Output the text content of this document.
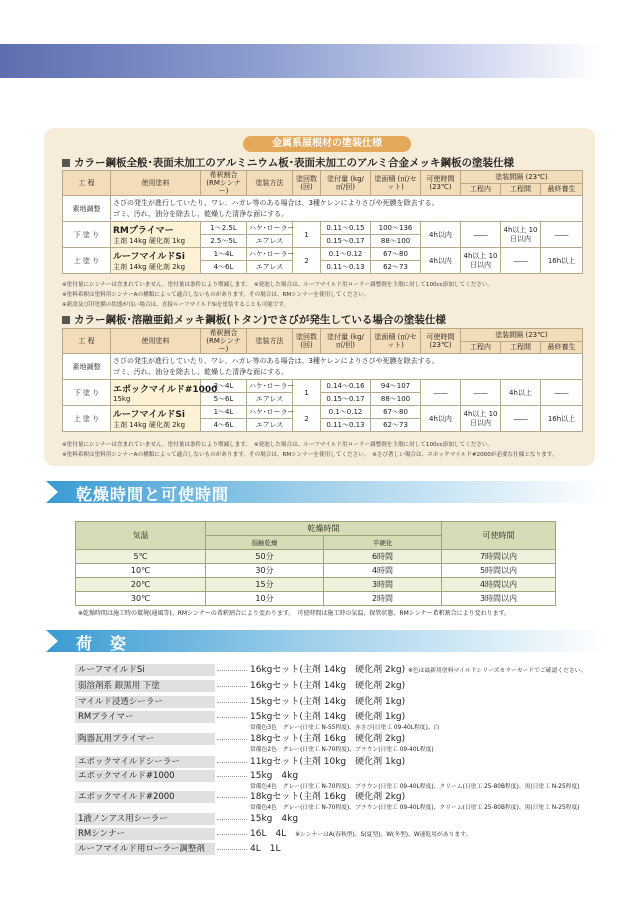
金属系屋根材の塗装仕様
カラー鋼板全般･表面未加工のアルミニウム板･表面未加工のアルミ合金メッキ鋼板の塗装仕様
工 程	使用塗料	希釈割合 (RMシンナー)	塗装方法	塗回数 (回)	塗付量 (kg/㎡/回)	塗面積 (㎡/セット)	可使時間 (23℃)	塗装間隔 (23℃)		
								工程内	工程間	最終養生
素地調整	さびの発生が進行していたり、ワレ、ハガレ等のある場合は、3種ケレンによりさびや死膜を除去する。
ゴミ、汚れ、油分を除去し、乾燥した清浄な面にする。									
下 塗 り	RMプライマー
主剤 14kg 硬化剤 1kg	1～2.5L	ハケ･ローラー	1	0.11～0.15	100～136	4h以内	――	4h以上 10日以内	――
		2.5～5L	エアレス		0.15～0.17	88～100				
上 塗 り	ルーフマイルドSi
主剤 14kg 硬化剤 2kg	1～4L	ハケ･ローラー	2	0.1～0.12	67～80	4h以内	4h以上 10日以内	――	16h以上
		4～6L	エアレス		0.11～0.13	62～73				
※塗付量にシンナーは含まれていません。塗付量は条件により増減します。　※発泡した場合は、ルーフマイルド用ローラー調整剤を主剤に対して100cc添加してください。
※塗料希釈は塗料用シンナーAの種類によって適合しないものがあります。その場合は、RMシンナーを使用してください。
※新設及び旧塗膜の状態が良い場合は、直接ルーフマイルドSiを塗装することも可能です。
カラー鋼板･溶融亜鉛メッキ鋼板(トタン)でさびが発生している場合の塗装仕様
工 程	使用塗料	希釈割合 (RMシンナー)	塗装方法	塗回数 (回)	塗付量 (kg/㎡/回)	塗面積 (㎡/セット)	可使時間 (23℃)	塗装間隔 (23℃)		
								工程内	工程間	最終養生
素地調整	さびの発生が進行していたり、ワレ、ハガレ等のある場合は、3種ケレンによりさびや死膜を除去する。
ゴミ、汚れ、油分を除去し、乾燥した清浄な面にする。									
下 塗 り	エポックマイルド#1000
15kg	3～4L	ハケ･ローラー	1	0.14～0.16	94～107	――	――	4h以上	――
		5～6L	エアレス		0.15～0.17	88～100				
上 塗 り	ルーフマイルドSi
主剤 14kg 硬化剤 2kg	1～4L	ハケ･ローラー	2	0.1～0.12	67～80	4h以内	4h以上 10日以内	――	16h以上
		4～6L	エアレス		0.11～0.13	62～73				
※塗付量にシンナーは含まれていません。塗付量は条件により増減します。　※発泡した場合は、ルーフマイルド用ローラー調整剤を主剤に対して100cc添加してください。
※塗料希釈は塗料用シンナーAの種類によって適合しないものがあります。その場合は、RMシンナーを使用してください。　※さび著しい場合は、エポックマイルド#2000が必要な仕様となります。
乾燥時間と可使時間
気温	乾燥時間		可使時間
	指触乾燥	半硬化	
5℃	50分	6時間	7時間以内
10℃	30分	4時間	5時間以内
20℃	15分	3時間	4時間以内
30℃	10分	2時間	3時間以内
※乾燥時間は施工時の環境(通風等)、RMシンナーの希釈割合により変わります。　可使時間は施工時の気温、保管状態、RMシンナー希釈割合により変わります。
荷　姿
ルーフマイルドSi	16kgセット(主剤 14kg　硬化剤 2kg) ※色は最新用塗料マイルドシリーズカラーカードでご確認ください。
弱溶剤系 銀黒用 下塗	16kgセット(主剤 14kg　硬化剤 2kg)
マイルド浸透シーラー	15kgセット(主剤 14kg　硬化剤 1kg)
RMプライマー	15kgセット(主剤 14kg　硬化剤 1kg)
常備色3色　グレー(日塗工 N-55程度)、赤さび(日塗工 09-40L程度)、白
陶器瓦用プライマー	18kgセット(主剤 16kg　硬化剤 2kg)
常備色2色　グレー(日塗工 N-70程度)、ブラウン(日塗工 09-40L程度)
エポックマイルドシーラー	11kgセット(主剤 10kg　硬化剤 1kg)
エポックマイルド#1000	15kg　4kg
常備色4色　グレー(日塗工 N-70程度)、ブラウン(日塗工 09-40L程度)、クリーム(日塗工 25-80B程度)、黒(日塗工 N-25程度)
エポックマイルド#2000	18kgセット(主剤 16kg　硬化剤 2kg)
常備色4色　グレー(日塗工 N-70程度)、ブラウン(日塗工 09-40L程度)、クリーム(日塗工 25-80B程度)、黒(日塗工 N-25程度)
1液ノンアス用シーラー	15kg　4kg
RMシンナー	16L　4L　 ※シンナーはA(春秋型)、S(夏型)、W(冬型)、W速乾用があります。
ルーフマイルド用ローラー調整剤	4L　1L
